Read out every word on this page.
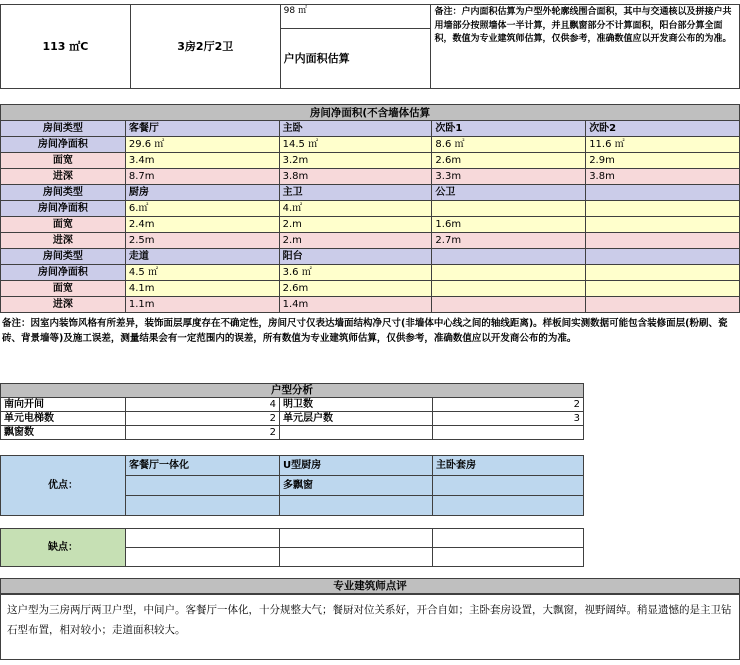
113 ㎡C	3房2厅2卫	98 ㎡	备注：户内面积估算为户型外轮廓线围合面积，其中与交通核以及拼接户共用墙部分按照墙体一半计算，并且飘窗部分不计算面积，阳台部分算全面积，数值为专业建筑师估算，仅供参考，准确数值应以开发商公布的为准。
户内面积估算
房间净面积(不含墙体估算				
房间类型	客餐厅	主卧	次卧1	次卧2
房间净面积	29.6 ㎡	14.5 ㎡	8.6 ㎡	11.6 ㎡
面宽	3.4m	3.2m	2.6m	2.9m
进深	8.7m	3.8m	3.3m	3.8m
房间类型	厨房	主卫	公卫	
房间净面积	6.㎡	4.㎡		
面宽	2.4m	2.m	1.6m	
进深	2.5m	2.m	2.7m	
房间类型	走道	阳台		
房间净面积	4.5 ㎡	3.6 ㎡		
面宽	4.1m	2.6m		
进深	1.1m	1.4m		
备注：因室内装饰风格有所差异，装饰面层厚度存在不确定性，房间尺寸仅表达墙面结构净尺寸(非墙体中心线之间的轴线距离)。样板间实测数据可能包含装修面层(粉刷、瓷砖、背景墙等)及施工误差，测量结果会有一定范围内的误差，所有数值为专业建筑师估算，仅供参考，准确数值应以开发商公布的为准。
户型分析			
南向开间	4	明卫数	2
单元电梯数	2	单元层户数	3
飘窗数	2		
优点：	客餐厅一体化	U型厨房	主卧套房
		多飘窗	

缺点：			

专业建筑师点评
这户型为三房两厅两卫户型，中间户。客餐厅一体化，十分规整大气；餐厨对位关系好，开合自如；主卧套房设置，大飘窗，视野阔绰。稍显遗憾的是主卫钻石型布置，相对较小；走道面积较大。
